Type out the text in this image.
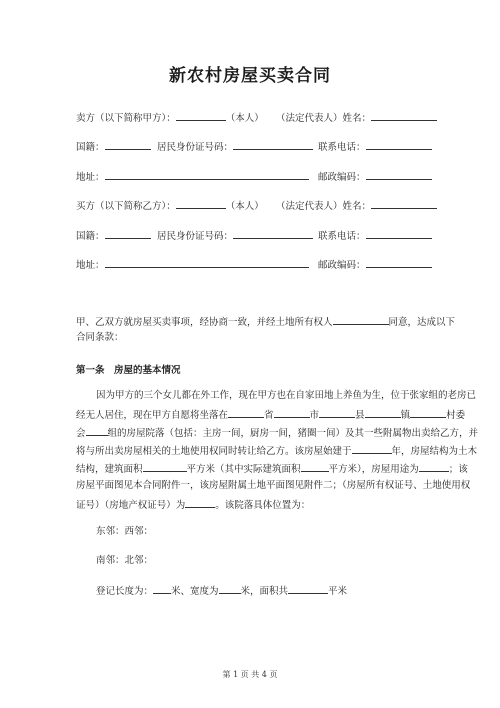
新农村房屋买卖合同
卖方（以下简称甲方）：	（本人） （法定代表人）姓名：
国籍：	居民身份证号码：	联系电话：
地址：	邮政编码：
买方（以下简称乙方）：	（本人） （法定代表人）姓名：
国籍：	居民身份证号码：	联系电话：
地址：	邮政编码：
甲、乙双方就房屋买卖事项，经协商一致，并经土地所有权人	同意，达成以下
合同条款：
第一条　房屋的基本情况
因为甲方的三个女儿都在外工作，现在甲方也在自家田地上养鱼为生，位于张家组的老房已
经无人居住，现在甲方自愿将坐落在	省	市	县	镇	村委
会 组的房屋院落（包括：主房一间，厨房一间，猪圈一间）及其一些附属物出卖给乙方，并
将与所出卖房屋相关的土地使用权同时转让给乙方。该房屋始建于	年，房屋结构为土木
结构，建筑面积	平方米（其中实际建筑面积	平方米），房屋用途为	；该
房屋平面图见本合同附件一，该房屋附属土地平面图见附件二；（房屋所有权证号、土地使用权
证号）（房地产权证号）为	。该院落具体位置为：
东邻：西邻：
南邻：北邻：
登记长度为： 米、宽度为 米，面积共	平米
第 1 页 共 4 页
